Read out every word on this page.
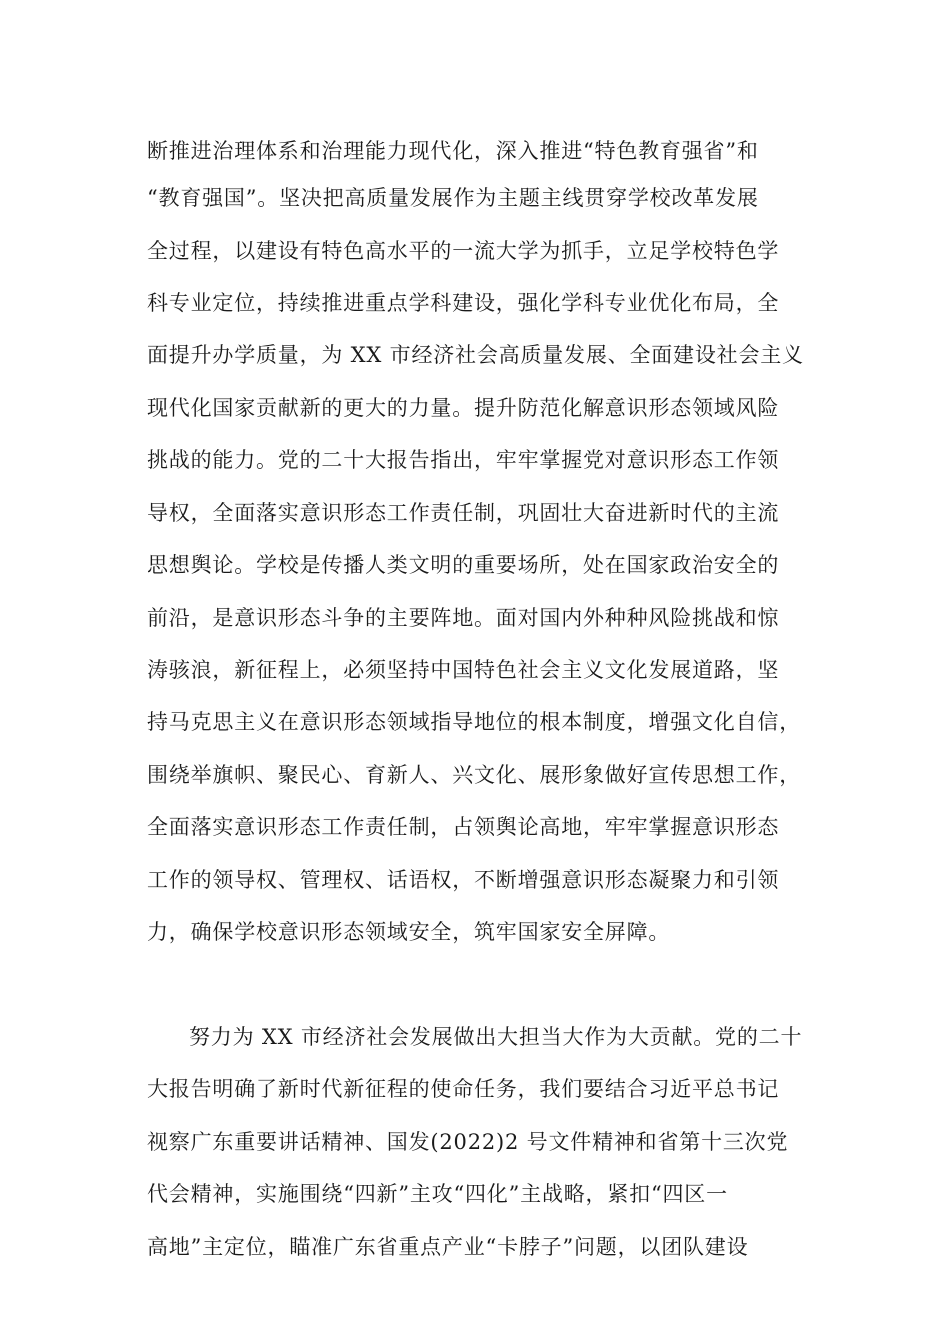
断推进治理体系和治理能力现代化，深入推进“特色教育强省”和
“教育强国”。坚决把高质量发展作为主题主线贯穿学校改革发展
全过程，以建设有特色高水平的一流大学为抓手，立足学校特色学
科专业定位，持续推进重点学科建设，强化学科专业优化布局，全
面提升办学质量，为 XX 市经济社会高质量发展、全面建设社会主义
现代化国家贡献新的更大的力量。提升防范化解意识形态领域风险
挑战的能力。党的二十大报告指出，牢牢掌握党对意识形态工作领
导权，全面落实意识形态工作责任制，巩固壮大奋进新时代的主流
思想舆论。学校是传播人类文明的重要场所，处在国家政治安全的
前沿，是意识形态斗争的主要阵地。面对国内外种种风险挑战和惊
涛骇浪，新征程上，必须坚持中国特色社会主义文化发展道路，坚
持马克思主义在意识形态领域指导地位的根本制度，增强文化自信，
围绕举旗帜、聚民心、育新人、兴文化、展形象做好宣传思想工作，
全面落实意识形态工作责任制，占领舆论高地，牢牢掌握意识形态
工作的领导权、管理权、话语权，不断增强意识形态凝聚力和引领
力，确保学校意识形态领域安全，筑牢国家安全屏障。
努力为 XX 市经济社会发展做出大担当大作为大贡献。党的二十
大报告明确了新时代新征程的使命任务，我们要结合习近平总书记
视察广东重要讲话精神、国发(2022)2 号文件精神和省第十三次党
代会精神，实施围绕“四新”主攻“四化”主战略，紧扣“四区一
高地”主定位，瞄准广东省重点产业“卡脖子”问题，以团队建设
